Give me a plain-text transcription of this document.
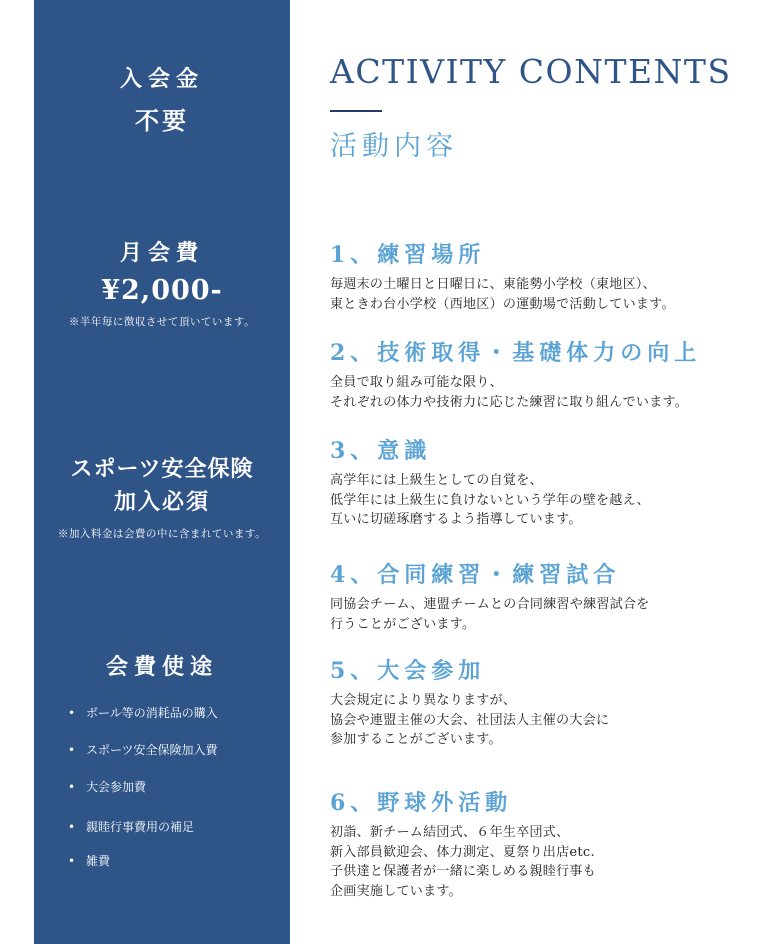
入会金
不要
月会費
¥2,000-
※半年毎に徴収させて頂いています。
スポーツ安全保険
加入必須
※加入料金は会費の中に含まれています。
会費使途
• ボール等の消耗品の購入
• スポーツ安全保険加入費
• 大会参加費
• 親睦行事費用の補足
• 雑費
ACTIVITY CONTENTS
活動内容
1、練習場所
毎週末の土曜日と日曜日に、東能勢小学校（東地区）、
東ときわ台小学校（西地区）の運動場で活動しています。
2、技術取得・基礎体力の向上
全員で取り組み可能な限り、
それぞれの体力や技術力に応じた練習に取り組んでいます。
3、意識
高学年には上級生としての自覚を、
低学年には上級生に負けないという学年の壁を越え、
互いに切磋琢磨するよう指導しています。
4、合同練習・練習試合
同協会チーム、連盟チームとの合同練習や練習試合を
行うことがございます。
5、大会参加
大会規定により異なりますが、
協会や連盟主催の大会、社団法人主催の大会に
参加することがございます。
6、野球外活動
初詣、新チーム結団式、６年生卒団式、
新入部員歓迎会、体力測定、夏祭り出店etc.
子供達と保護者が一緒に楽しめる親睦行事も
企画実施しています。
